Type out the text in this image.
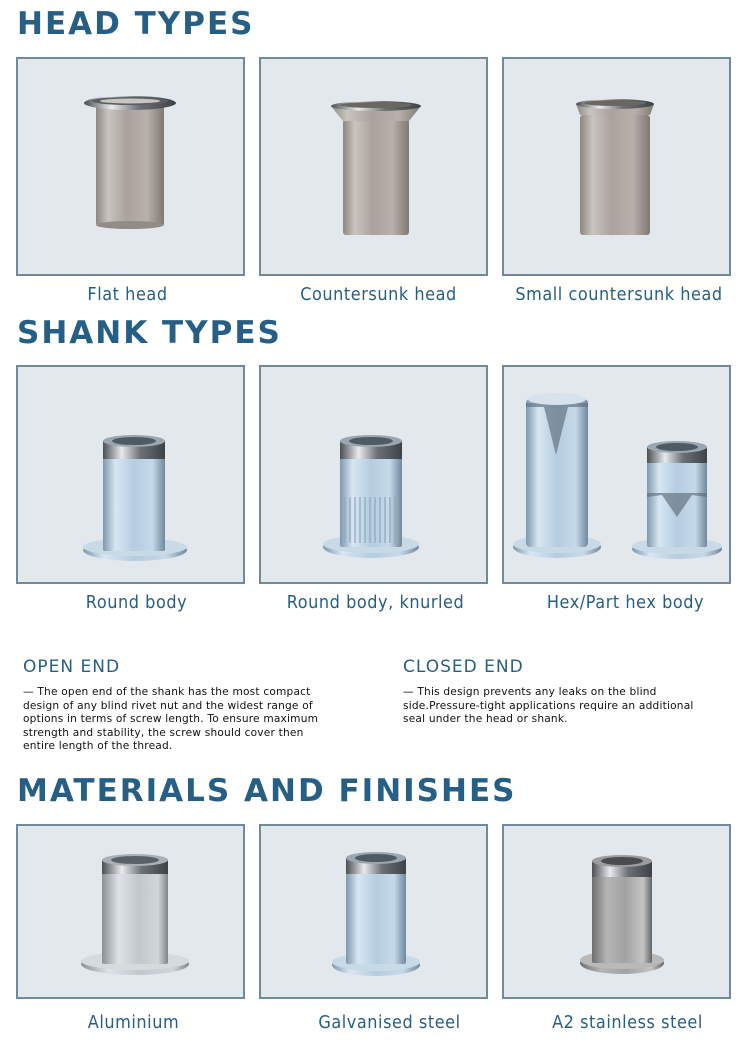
HEAD TYPES
Flat head	Countersunk head	Small countersunk head
SHANK TYPES
Round body	Round body, knurled	Hex/Part hex body
OPEN END
— The open end of the shank has the most compact
design of any blind rivet nut and the widest range of
options in terms of screw length. To ensure maximum
strength and stability, the screw should cover then
entire length of the thread.
CLOSED END
— This design prevents any leaks on the blind
side.Pressure-tight applications require an additional
seal under the head or shank.
MATERIALS AND FINISHES
Aluminium	Galvanised steel	A2 stainless steel
